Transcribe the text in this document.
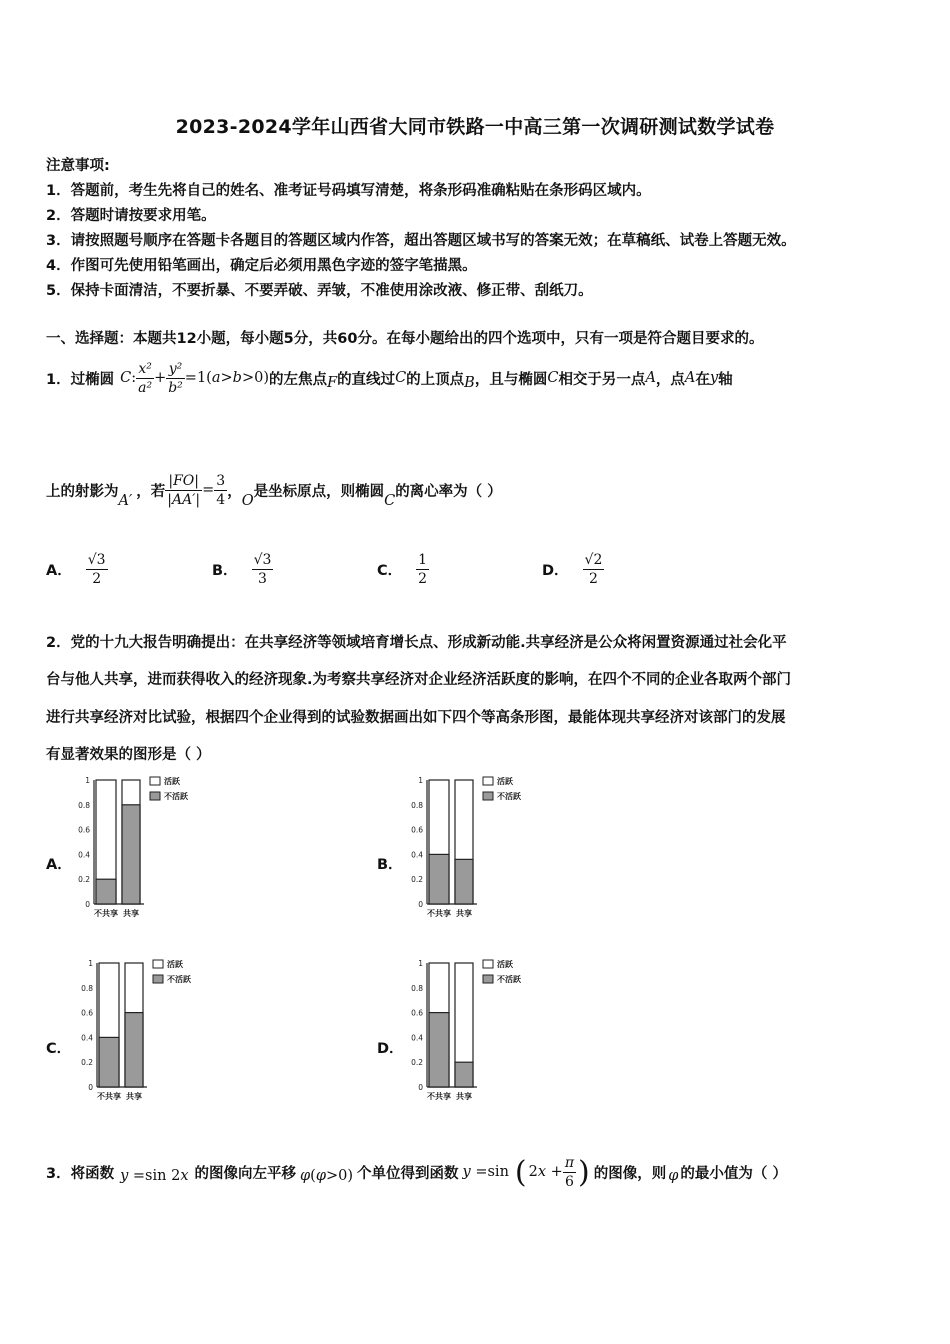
2023-2024学年山西省大同市铁路一中高三第一次调研测试数学试卷
注意事项:
1．答题前，考生先将自己的姓名、准考证号码填写清楚，将条形码准确粘贴在条形码区域内。
2．答题时请按要求用笔。
3．请按照题号顺序在答题卡各题目的答题区域内作答，超出答题区域书写的答案无效；在草稿纸、试卷上答题无效。
4．作图可先使用铅笔画出，确定后必须用黑色字迹的签字笔描黑。
5．保持卡面清洁，不要折暴、不要弄破、弄皱，不准使用涂改液、修正带、刮纸刀。
一、选择题：本题共12小题，每小题5分，共60分。在每小题给出的四个选项中，只有一项是符合题目要求的。
1．过椭圆 C : $\frac{\text{x²}}{\text{a²}} + \frac{\text{y²}}{\text{b²}} =1(a>b>0)$ 的左焦点 F 的直线过 C 的上顶点 B ，且与椭圆 C 相交于另一点 A ，点 A 在 y 轴
上的射影为
A′
，若 $\frac{|FO|}{|AA'|} = \frac{3}{4}$ ，
O
是坐标原点，则椭圆
C
的离心率为（ ）
A． $\frac{√3}{2}$	B． $\frac{√3}{3}$	C． $\frac{1}{2}$	D． $\frac{√2}{2}$
2．党的十九大报告明确提出：在共享经济等领域培育增长点、形成新动能.共享经济是公众将闲置资源通过社会化平
台与他人共享，进而获得收入的经济现象.为考察共享经济对企业经济活跃度的影响，在四个不同的企业各取两个部门
进行共享经济对比试验，根据四个企业得到的试验数据画出如下四个等高条形图，最能体现共享经济对该部门的发展
有显著效果的图形是（ ）
A．
0
0.2
0.4
0.6
0.8
1
不共享 共享
活跃
不活跃
B．
0
0.2
0.4
0.6
0.8
1
不共享 共享
活跃
不活跃
C．
0
0.2
0.4
0.6
0.8
1
不共享 共享
活跃
不活跃
D．
0
0.2
0.4
0.6
0.8
1
不共享 共享
活跃
不活跃
3．将函数 y =sin 2x 的图像向左平移 φ(φ>0) 个单位得到函数 y =sin ( $2x + \frac{\pi}{6}$ ) 的图像，则 φ 的最小值为（ ）
